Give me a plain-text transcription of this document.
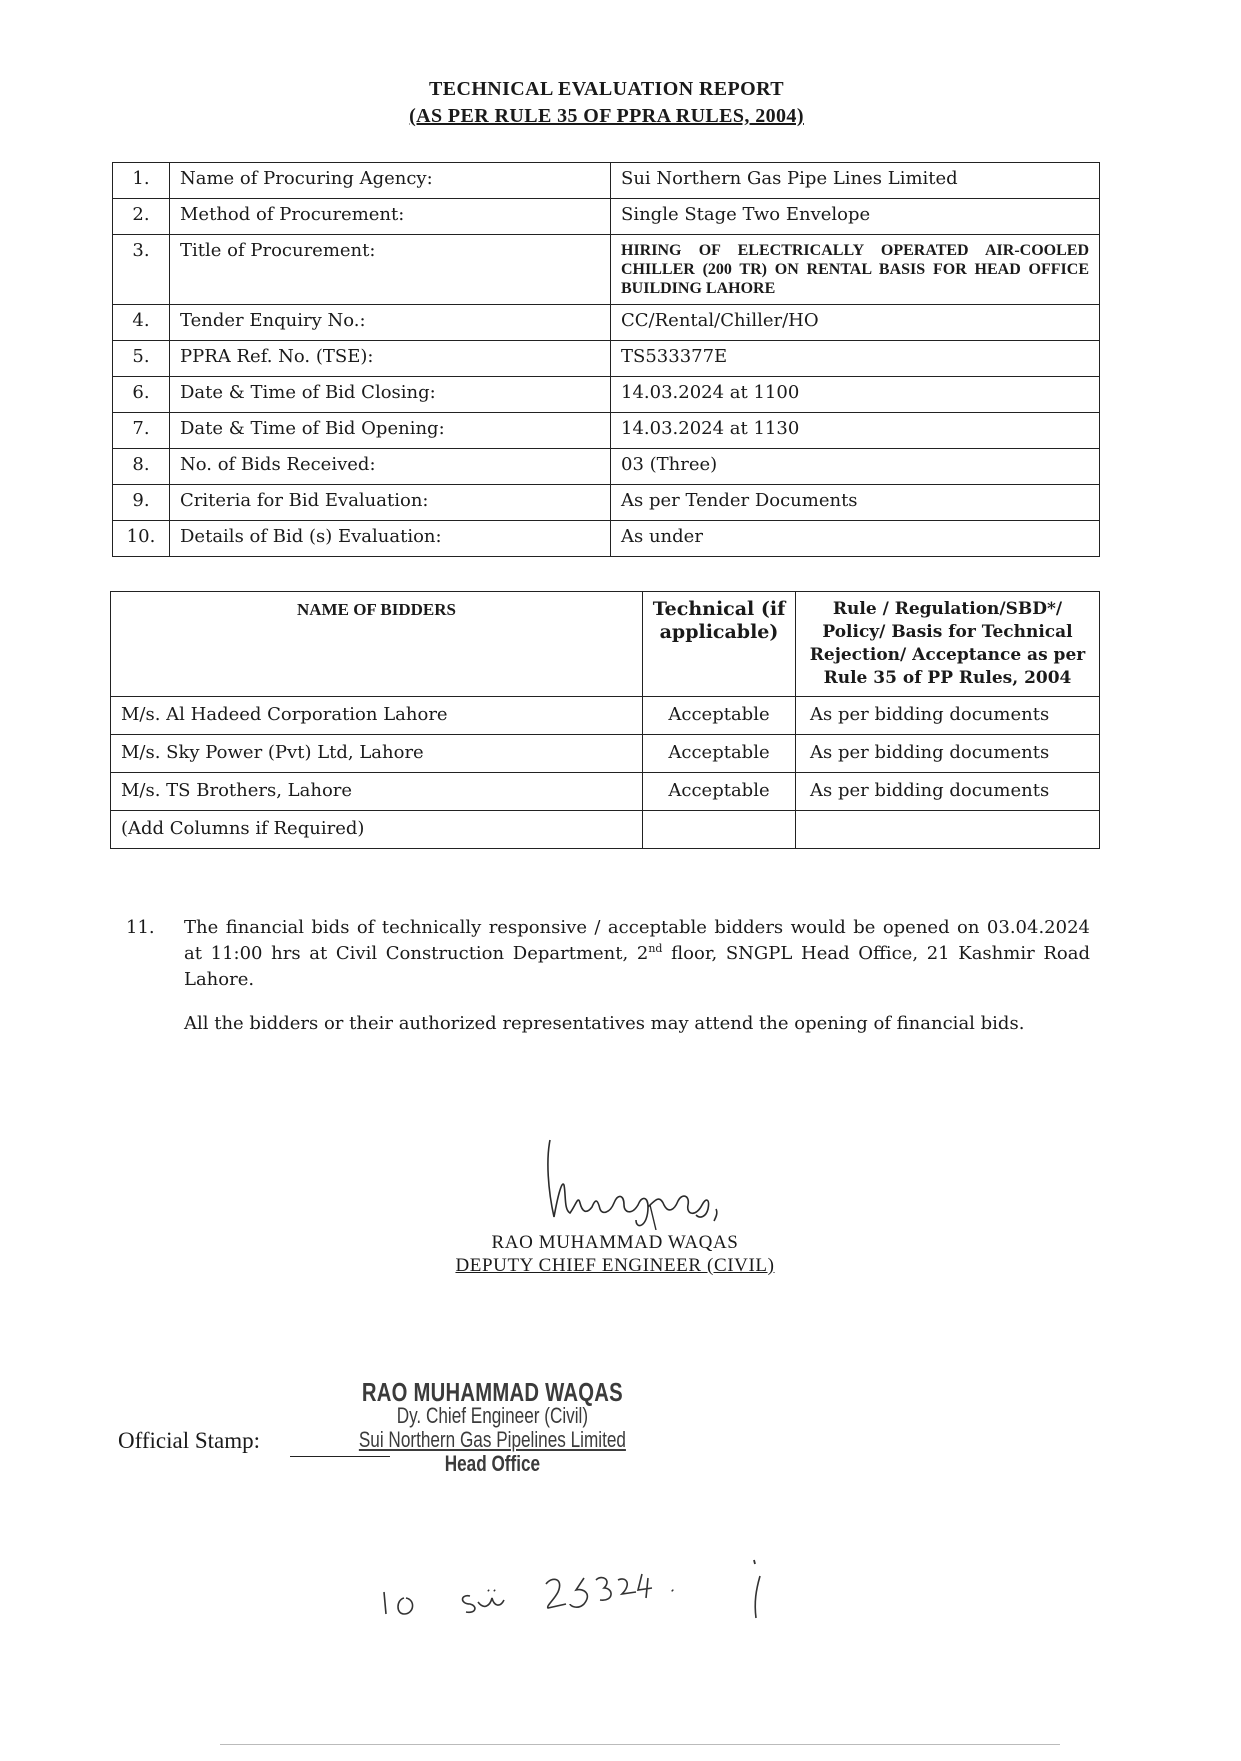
TECHNICAL EVALUATION REPORT
(AS PER RULE 35 OF PPRA RULES, 2004)
1.	Name of Procuring Agency:	Sui Northern Gas Pipe Lines Limited
2.	Method of Procurement:	Single Stage Two Envelope
3.	Title of Procurement:	HIRING OF ELECTRICALLY OPERATED AIR-COOLED CHILLER (200 TR) ON RENTAL BASIS FOR HEAD OFFICE BUILDING LAHORE
4.	Tender Enquiry No.:	CC/Rental/Chiller/HO
5.	PPRA Ref. No. (TSE):	TS533377E
6.	Date & Time of Bid Closing:	14.03.2024 at 1100
7.	Date & Time of Bid Opening:	14.03.2024 at 1130
8.	No. of Bids Received:	03 (Three)
9.	Criteria for Bid Evaluation:	As per Tender Documents
10.	Details of Bid (s) Evaluation:	As under
NAME OF BIDDERS	Technical (if applicable)	Rule / Regulation/SBD*/ Policy/ Basis for Technical Rejection/ Acceptance as per Rule 35 of PP Rules, 2004
M/s. Al Hadeed Corporation Lahore	Acceptable	As per bidding documents
M/s. Sky Power (Pvt) Ltd, Lahore	Acceptable	As per bidding documents
M/s. TS Brothers, Lahore	Acceptable	As per bidding documents
(Add Columns if Required)		
11. The financial bids of technically responsive / acceptable bidders would be opened on 03.04.2024 at 11:00 hrs at Civil Construction Department, 2nd floor, SNGPL Head Office, 21 Kashmir Road Lahore.
All the bidders or their authorized representatives may attend the opening of financial bids.
RAO MUHAMMAD WAQAS
DEPUTY CHIEF ENGINEER (CIVIL)
Official Stamp:
RAO MUHAMMAD WAQAS
Dy. Chief Engineer (Civil)
Sui Northern Gas Pipelines Limited
Head Office
